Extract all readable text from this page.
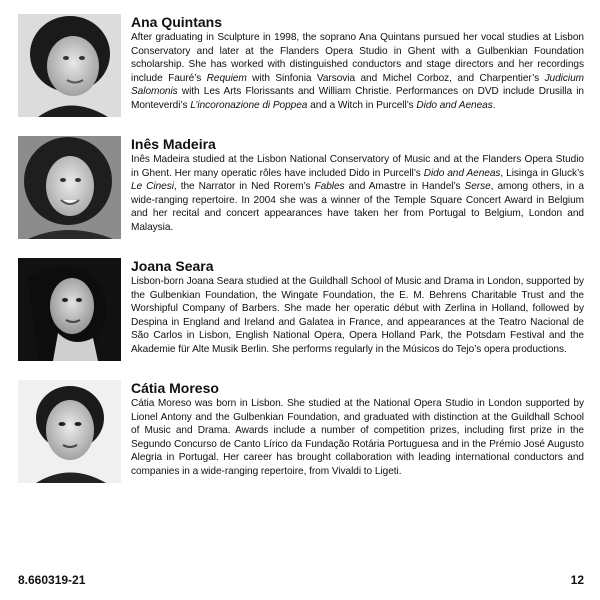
Ana Quintans

After graduating in Sculpture in 1998, the soprano Ana Quintans pursued her vocal studies at Lisbon Conservatory and later at the Flanders Opera Studio in Ghent with a Gulbenkian Foundation scholarship. She has worked with distinguished conductors and stage directors and her recordings include Fauré’s Requiem with Sinfonia Varsovia and Michel Corboz, and Charpentier’s Judicium Salomonis with Les Arts Florissants and William Christie. Performances on DVD include Drusilla in Monteverdi’s L’incoronazione di Poppea and a Witch in Purcell’s Dido and Aeneas.

Inês Madeira

Inês Madeira studied at the Lisbon National Conservatory of Music and at the Flanders Opera Studio in Ghent. Her many operatic rôles have included Dido in Purcell’s Dido and Aeneas, Lisinga in Gluck’s Le Cinesi, the Narrator in Ned Rorem’s Fables and Amastre in Handel’s Serse, among others, in a wide-ranging repertoire. In 2004 she was a winner of the Temple Square Concert Award in Belgium and her recital and concert appearances have taken her from Portugal to Belgium, London and Malaysia.

Joana Seara

Lisbon-born Joana Seara studied at the Guildhall School of Music and Drama in London, supported by the Gulbenkian Foundation, the Wingate Foundation, the E. M. Behrens Charitable Trust and the Worshipful Company of Barbers. She made her operatic début with Zerlina in Holland, followed by Despina in England and Ireland and Galatea in France, and appearances at the Teatro Nacional de São Carlos in Lisbon, English National Opera, Opera Holland Park, the Potsdam Festival and the Akademie für Alte Musik Berlin. She performs regularly in the Músicos do Tejo’s opera productions.

Cátia Moreso

Cátia Moreso was born in Lisbon. She studied at the National Opera Studio in London supported by Lionel Antony and the Gulbenkian Foundation, and graduated with distinction at the Guildhall School of Music and Drama. Awards include a number of competition prizes, including first prize in the Segundo Concurso de Canto Lírico da Fundação Rotária Portuguesa and in the Prémio José Augusto Alegria in Portugal. Her career has brought collaboration with leading international conductors and companies in a wide-ranging repertoire, from Vivaldi to Ligeti.

8.660319-21	12
